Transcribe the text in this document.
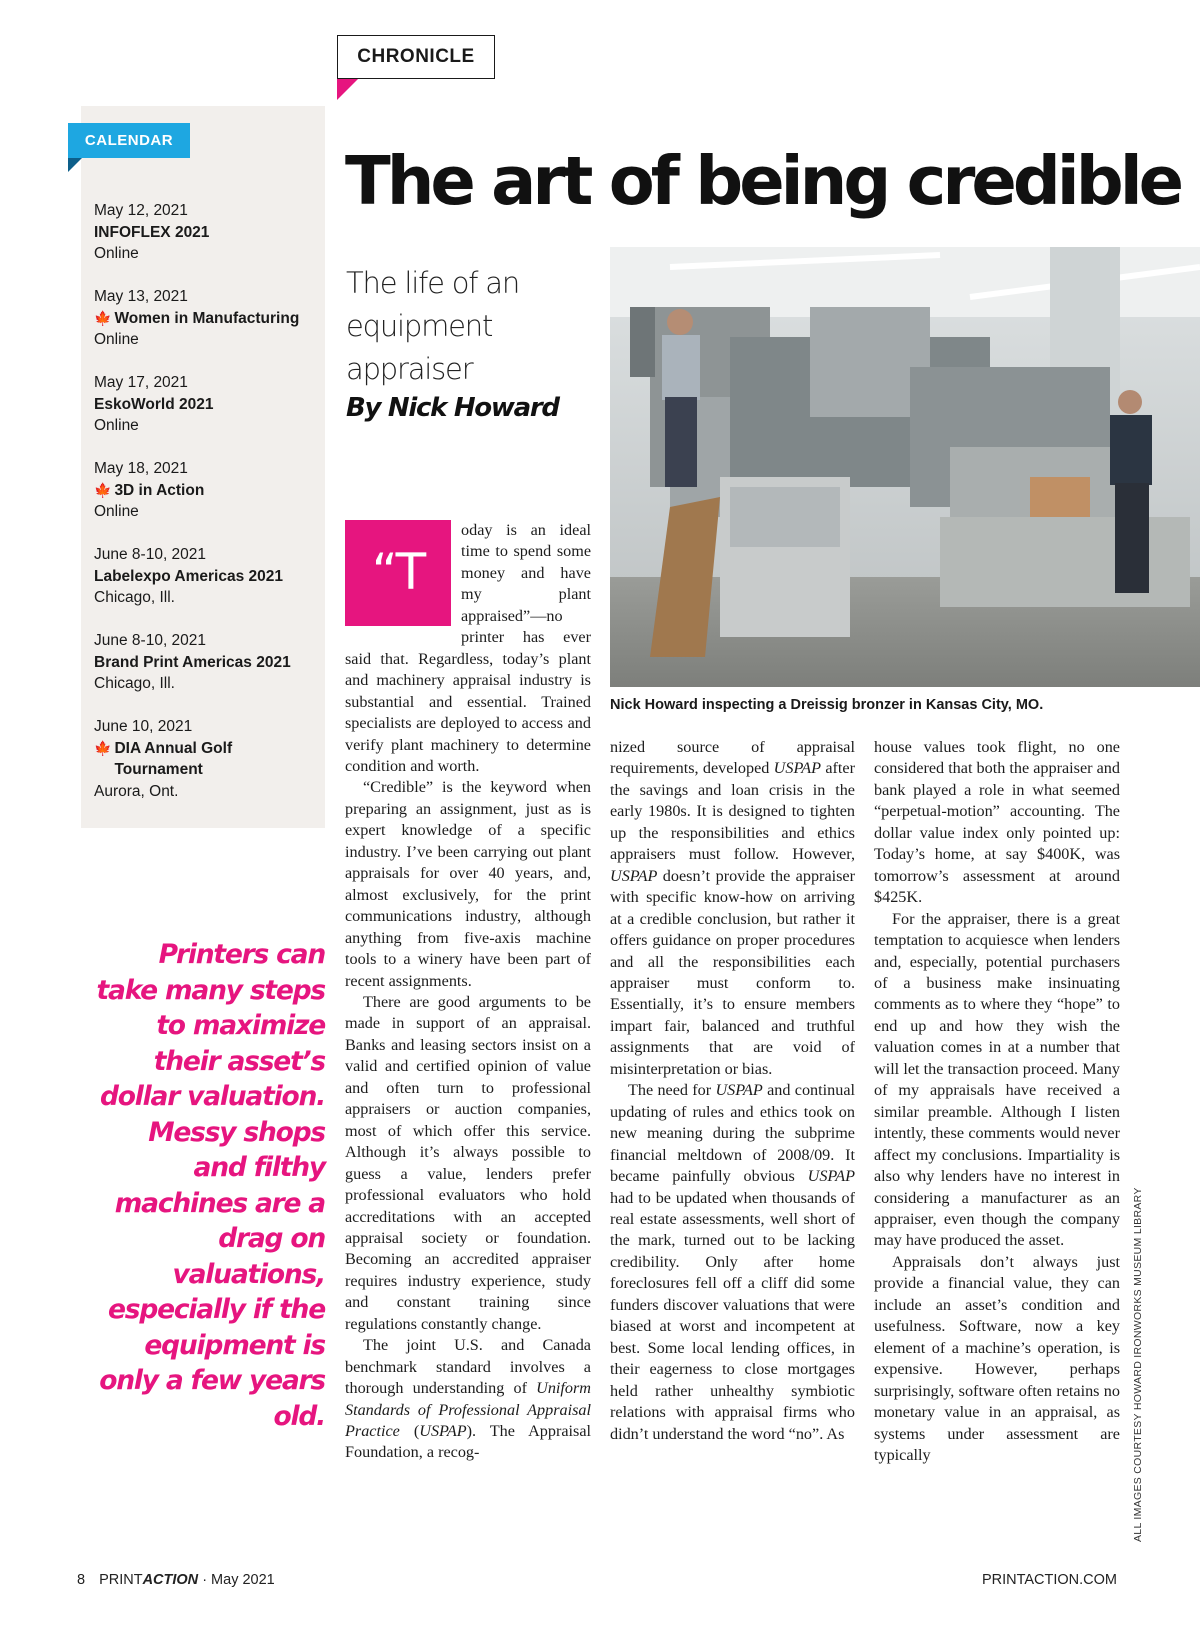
CHRONICLE
CALENDAR
May 12, 2021
INFOFLEX 2021
Online
May 13, 2021
🍁 Women in Manufacturing
Online
May 17, 2021
EskoWorld 2021
Online
May 18, 2021
🍁 3D in Action
Online
June 8-10, 2021
Labelexpo Americas 2021
Chicago, Ill.
June 8-10, 2021
Brand Print Americas 2021
Chicago, Ill.
June 10, 2021
🍁 DIA Annual Golf Tournament
Aurora, Ont.
The art of being credible
The life of an equipment appraiser
By Nick Howard
Nick Howard inspecting a Dreissig bronzer in Kansas City, MO.
ALL IMAGES COURTESY HOWARD IRONWORKS MUSEUM LIBRARY
“T

oday is an ideal time to spend some money and have my plant appraised”—no printer has ever said that. Regardless, today’s plant and machinery appraisal industry is substantial and essential. Trained specialists are deployed to access and verify plant machinery to determine condition and worth.

“Credible” is the keyword when preparing an assignment, just as is expert knowledge of a specific industry. I’ve been carrying out plant appraisals for over 40 years, and, almost exclusively, for the print communications industry, although anything from five-axis machine tools to a winery have been part of recent assignments.

There are good arguments to be made in support of an appraisal. Banks and leasing sectors insist on a valid and certified opinion of value and often turn to professional appraisers or auction companies, most of which offer this service. Although it’s always possible to guess a value, lenders prefer professional evaluators who hold accreditations with an accepted appraisal society or foundation. Becoming an accredited appraiser requires industry experience, study and constant training since regulations constantly change.

The joint U.S. and Canada benchmark standard involves a thorough understanding of Uniform Standards of Professional Appraisal Practice (USPAP). The Appraisal Foundation, a recog-

nized source of appraisal requirements, developed USPAP after the savings and loan crisis in the early 1980s. It is designed to tighten up the responsibilities and ethics appraisers must follow. However, USPAP doesn’t provide the appraiser with specific know-how on arriving at a credible conclusion, but rather it offers guidance on proper procedures and all the responsibilities each appraiser must conform to. Essentially, it’s to ensure members impart fair, balanced and truthful assignments that are void of misinterpretation or bias.

The need for USPAP and continual updating of rules and ethics took on new meaning during the subprime financial meltdown of 2008/09. It became painfully obvious USPAP had to be updated when thousands of real estate assessments, well short of the mark, turned out to be lacking credibility. Only after home foreclosures fell off a cliff did some funders discover valuations that were biased at worst and incompetent at best. Some local lending offices, in their eagerness to close mortgages held rather unhealthy symbiotic relations with appraisal firms who didn’t understand the word “no”. As

house values took flight, no one considered that both the appraiser and bank played a role in what seemed “perpetual-motion” accounting. The dollar value index only pointed up: Today’s home, at say $400K, was tomorrow’s assessment at around $425K.

For the appraiser, there is a great temptation to acquiesce when lenders and, especially, potential purchasers of a business make insinuating comments as to where they “hope” to end up and how they wish the valuation comes in at a number that will let the transaction proceed. Many of my appraisals have received a similar preamble. Although I listen intently, these comments would never affect my conclusions. Impartiality is also why lenders have no interest in considering a manufacturer as an appraiser, even though the company may have produced the asset.

Appraisals don’t always just provide a financial value, they can include an asset’s condition and usefulness. Software, now a key element of a machine’s operation, is expensive. However, perhaps surprisingly, software often retains no monetary value in an appraisal, as systems under assessment are typically

Printers can take many steps to maximize their asset’s dollar valuation. Messy shops and filthy machines are a drag on valuations, especially if the equipment is only a few years old.
8 PRINTACTION · May 2021	PRINTACTION.COM
